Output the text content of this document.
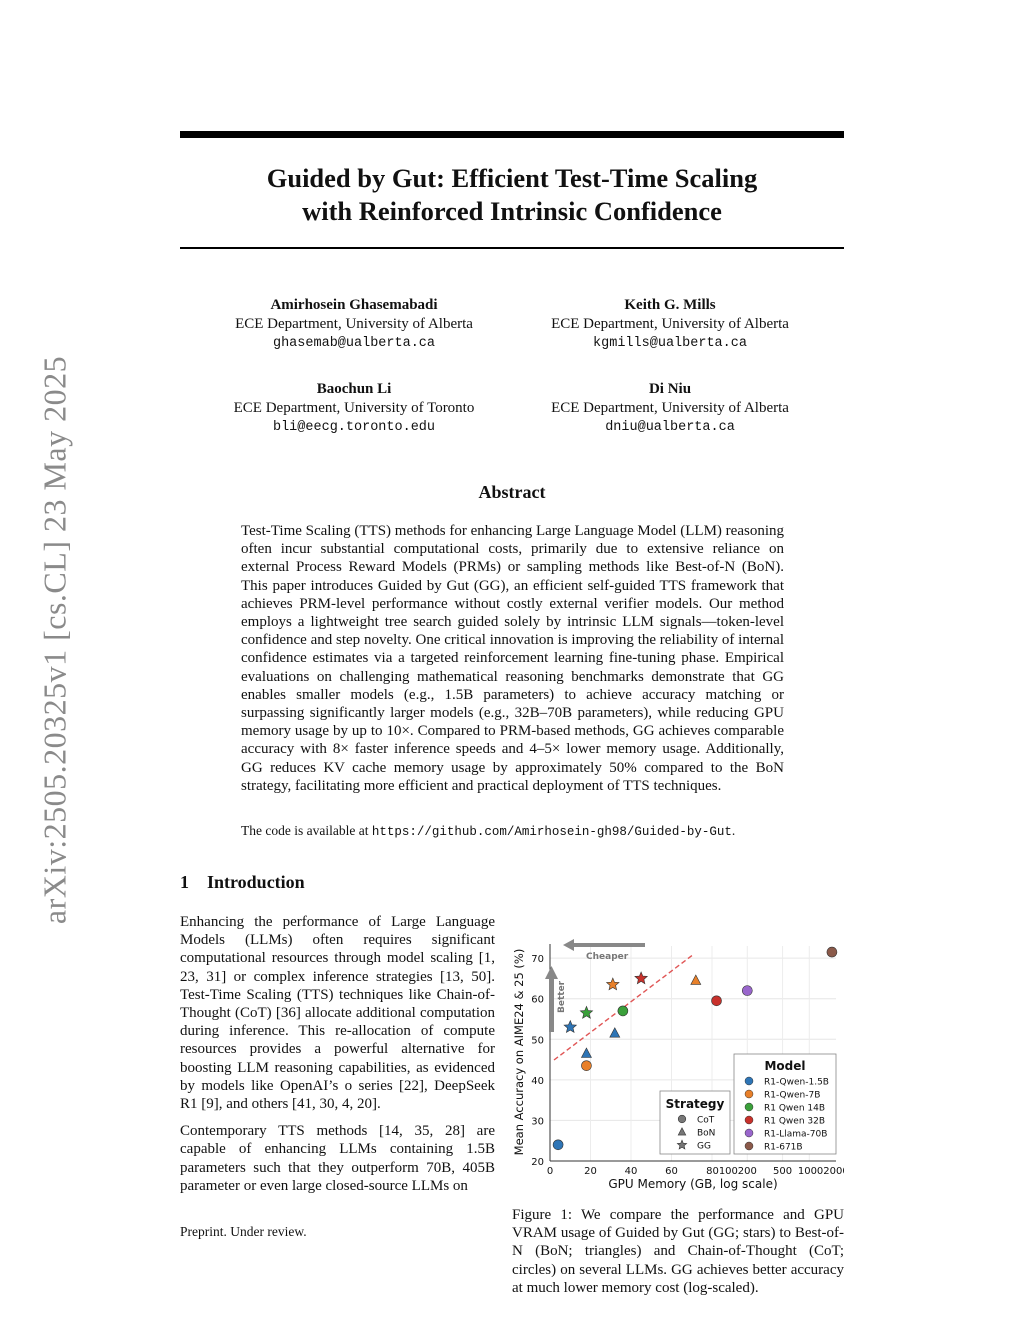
Guided by Gut: Efficient Test-Time Scaling
with Reinforced Intrinsic Confidence
arXiv:2505.20325v1 [cs.CL] 23 May 2025
Amirhosein Ghasemabadi
ECE Department, University of Alberta
ghasemab@ualberta.ca
Keith G. Mills
ECE Department, University of Alberta
kgmills@ualberta.ca
Baochun Li
ECE Department, University of Toronto
bli@eecg.toronto.edu
Di Niu
ECE Department, University of Alberta
dniu@ualberta.ca
Abstract
Test-Time Scaling (TTS) methods for enhancing Large Language Model (LLM) reasoning often incur substantial computational costs, primarily due to extensive reliance on external Process Reward Models (PRMs) or sampling methods like Best-of-N (BoN). This paper introduces Guided by Gut (GG), an efficient self-guided TTS framework that achieves PRM-level performance without costly external verifier models. Our method employs a lightweight tree search guided solely by intrinsic LLM signals—token-level confidence and step novelty. One critical innovation is improving the reliability of internal confidence estimates via a targeted reinforcement learning fine-tuning phase. Empirical evaluations on challenging mathematical reasoning benchmarks demonstrate that GG enables smaller models (e.g., 1.5B parameters) to achieve accuracy matching or surpassing significantly larger models (e.g., 32B–70B parameters), while reducing GPU memory usage by up to 10×. Compared to PRM-based methods, GG achieves comparable accuracy with 8× faster inference speeds and 4–5× lower memory usage. Additionally, GG reduces KV cache memory usage by approximately 50% compared to the BoN strategy, facilitating more efficient and practical deployment of TTS techniques.
The code is available at https://github.com/Amirhosein-gh98/Guided-by-Gut.
1 Introduction

Enhancing the performance of Large Language Models (LLMs) often requires significant computational resources through model scaling [1, 23, 31] or complex inference strategies [13, 50]. Test-Time Scaling (TTS) techniques like Chain-of-Thought (CoT) [36] allocate additional computation during inference. This re-allocation of compute resources provides a powerful alternative for boosting LLM reasoning capabilities, as evidenced by models like OpenAI’s o series [22], DeepSeek R1 [9], and others [41, 30, 4, 20].

Contemporary TTS methods [14, 35, 28] are capable of enhancing LLMs containing 1.5B parameters such that they outperform 70B, 405B parameter or even large closed-source LLMs on

Preprint. Under review.
20
30
40
50
60
70
0	20	40	60	80100 200 500 10002000
Mean Accuracy on AIME24 & 25 (%)
GPU Memory (GB, log scale)
Cheaper
Better
Strategy
CoT
BoN
GG
Model
R1-Qwen-1.5B
R1-Qwen-7B
R1 Qwen 14B
R1 Qwen 32B
R1-Llama-70B
R1-671B
Figure 1: We compare the performance and GPU VRAM usage of Guided by Gut (GG; stars) to Best-of-N (BoN; triangles) and Chain-of-Thought (CoT; circles) on several LLMs. GG achieves better accuracy at much lower memory cost (log-scaled).
